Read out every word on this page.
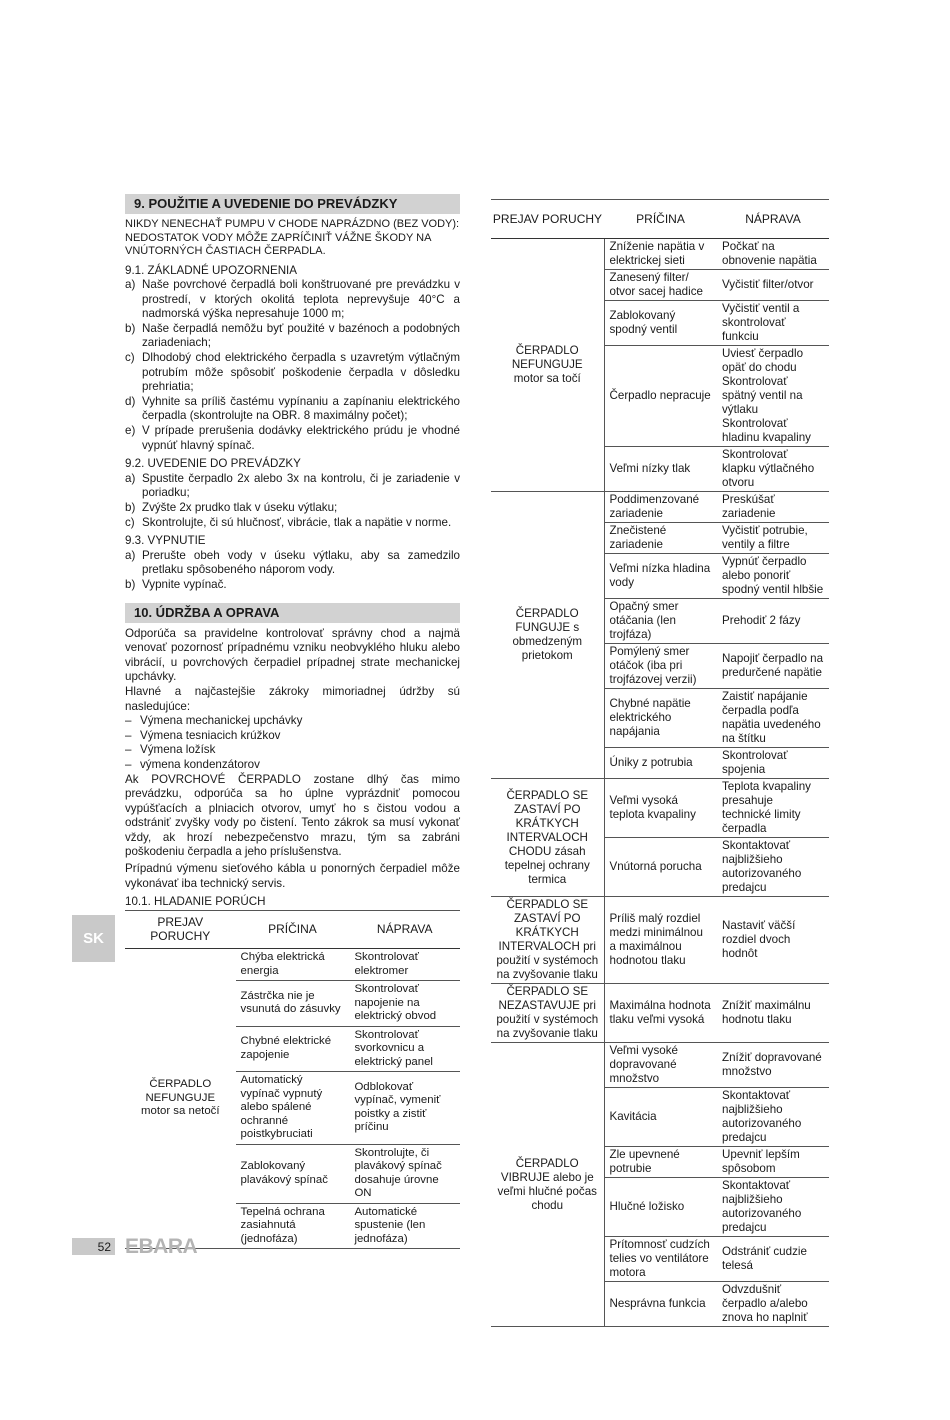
9. POUŽITIE A UVEDENIE DO PREVÁDZKY
NIKDY NENECHAŤ PUMPU V CHODE NAPRÁZDNO (BEZ VODY): NEDOSTATOK VODY MÔŽE ZAPRÍČINIŤ VÁŽNE ŠKODY NA VNÚTORNÝCH ČASTIACH ČERPADLA.
9.1. ZÁKLADNÉ UPOZORNENIA
a) Naše povrchové čerpadlá boli konštruované pre prevádzku v prostredí, v ktorých okolitá teplota neprevyšuje 40°C a nadmorská výška nepresahuje 1000 m;
b) Naše čerpadlá nemôžu byť použité v bazénoch a podobných zariadeniach;
c) Dlhodobý chod elektrického čerpadla s uzavretým výtlačným potrubím môže spôsobiť poškodenie čerpadla v dôsledku prehriatia;
d) Vyhnite sa príliš častému vypínaniu a zapínaniu elektrického čerpadla (skontrolujte na OBR. 8 maximálny počet);
e) V prípade prerušenia dodávky elektrického prúdu je vhodné vypnúť hlavný spínač.
9.2. UVEDENIE DO PREVÁDZKY
a) Spustite čerpadlo 2x alebo 3x na kontrolu, či je zariadenie v poriadku;
b) Zvýšte 2x prudko tlak v úseku výtlaku;
c) Skontrolujte, či sú hlučnosť, vibrácie, tlak a napätie v norme.
9.3. VYPNUTIE
a) Prerušte obeh vody v úseku výtlaku, aby sa zamedzilo pretlaku spôsobeného náporom vody.
b) Vypnite vypínač.
10. ÚDRŽBA A OPRAVA

Odporúča sa pravidelne kontrolovať správny chod a najmä venovať pozornosť prípadnému vzniku neobvyklého hluku alebo vibrácií, u povrchových čerpadiel prípadnej strate mechanickej upchávky.

Hlavné a najčastejšie zákroky mimoriadnej údržby sú nasledujúce:

– Výmena mechanickej upchávky
– Výmena tesniacich krúžkov
– Výmena ložísk
– výmena kondenzátorov

Ak POVRCHOVÉ ČERPADLO zostane dlhý čas mimo prevádzku, odporúča sa ho úplne vyprázdniť pomocou vypúšťacích a plniacich otvorov, umyť ho s čistou vodou a odstrániť zvyšky vody po čistení. Tento zákrok sa musí vykonať vždy, ak hrozí nebezpečenstvo mrazu, tým sa zabráni poškodeniu čerpadla a jeho príslušenstva.

Prípadnú výmenu sieťového kábla u ponorných čerpadiel môže vykonávať iba technický servis.

10.1. HLADANIE PORÚCH
PREJAV PORUCHY	PRÍČINA	NÁPRAVA
ČERPADLO NEFUNGUJE motor sa netočí	Chýba elektrická energia	Skontrolovať elektromer
	Zástrčka nie je vsunutá do zásuvky	Skontrolovať napojenie na elektrický obvod
	Chybné elektrické zapojenie	Skontrolovať svorkovnicu a elektrický panel
	Automatický vypínač vypnutý alebo spálené ochranné poistkybruciati	Odblokovať vypínač, vymeniť poistky a zistiť príčinu
	Zablokovaný plavákový spínač	Skontrolujte, či plavákový spínač dosahuje úrovne ON
	Tepelná ochrana zasiahnutá (jednofáza)	Automatické spustenie (len jednofáza)
PREJAV PORUCHY	PRÍČINA	NÁPRAVA
ČERPADLO NEFUNGUJE motor sa točí	Zníženie napätia v elektrickej sieti	Počkať na obnovenie napätia
	Zanesený filter/ otvor sacej hadice	Vyčistiť filter/otvor
	Zablokovaný spodný ventil	Vyčistiť ventil a skontrolovať funkciu
	Čerpadlo nepracuje	Uviesť čerpadlo opäť do chodu Skontrolovať spätný ventil na výtlaku Skontrolovať hladinu kvapaliny
	Veľmi nízky tlak	Skontrolovať klapku výtlačného otvoru
ČERPADLO FUNGUJE s obmedzeným prietokom	Poddimenzované zariadenie	Preskúšať zariadenie
	Znečistené zariadenie	Vyčistiť potrubie, ventily a filtre
	Veľmi nízka hladina vody	Vypnúť čerpadlo alebo ponoriť spodný ventil hlbšie
	Opačný smer otáčania (len trojfáza)	Prehodiť 2 fázy
	Pomýlený smer otáčok (iba pri trojfázovej verzii)	Napojiť čerpadlo na predurčené napätie
	Chybné napätie elektrického napájania	Zaistiť napájanie čerpadla podľa napätia uvedeného na štítku
	Úniky z potrubia	Skontrolovať spojenia
ČERPADLO SE ZASTAVÍ PO KRÁTKYCH INTERVALOCH CHODU zásah tepelnej ochrany termica	Veľmi vysoká teplota kvapaliny	Teplota kvapaliny presahuje technické limity čerpadla
	Vnútorná porucha	Skontaktovať najbližšieho autorizovaného predajcu
ČERPADLO SE ZASTAVÍ PO KRÁTKYCH INTERVALOCH pri použití v systémoch na zvyšovanie tlaku	Príliš malý rozdiel medzi minimálnou a maximálnou hodnotou tlaku	Nastaviť väčší rozdiel dvoch hodnôt
ČERPADLO SE NEZASTAVUJE pri použití v systémoch na zvyšovanie tlaku	Maximálna hodnota tlaku veľmi vysoká	Znížiť maximálnu hodnotu tlaku
ČERPADLO VIBRUJE alebo je veľmi hlučné počas chodu	Veľmi vysoké dopravované množstvo	Znížiť dopravované množstvo
	Kavitácia	Skontaktovať najbližšieho autorizovaného predajcu
	Zle upevnené potrubie	Upevniť lepším spôsobom
	Hlučné ložisko	Skontaktovať najbližšieho autorizovaného predajcu
	Prítomnosť cudzích telies vo ventilátore motora	Odstrániť cudzie telesá
	Nesprávna funkcia	Odvzdušniť čerpadlo a/alebo znova ho naplniť
SK
52 EBARA
